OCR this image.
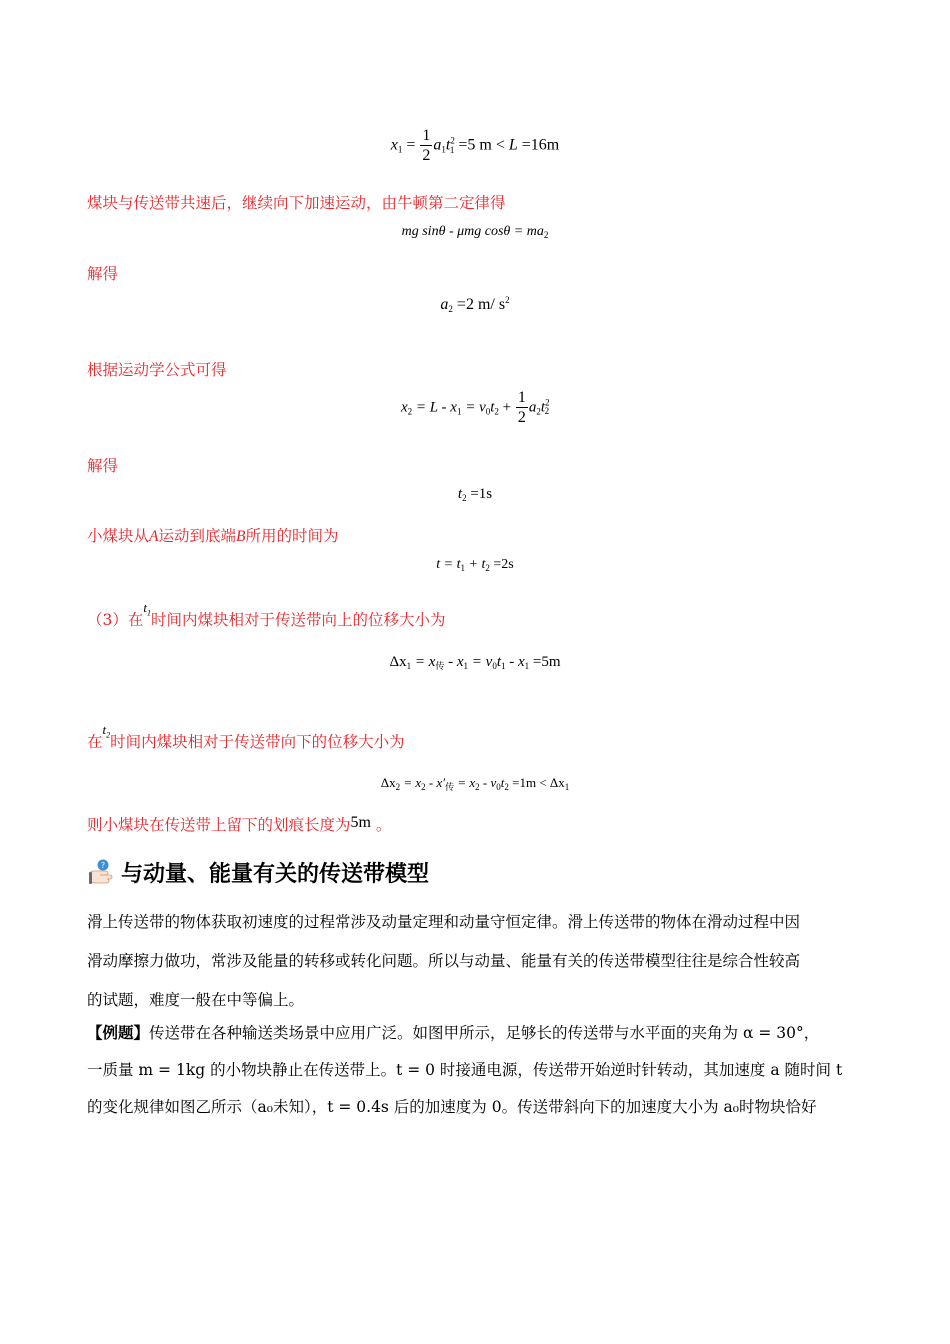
$x_1 = \frac{1}{2} a_1t^2_1 =5$ m < L =16m
煤块与传送带共速后，继续向下加速运动，由牛顿第二定律得
mg sinθ - μmg $\cos\theta = ma_2$
解得
$a_2 =2$ m/ $s^2$
根据运动学公式可得
$x_2 = L - x_1 = v_0t_2 + \frac{1}{2} a_2t^2_2$
解得
$t_2 =1s$
小煤块从A运动到底端B所用的时间为
$t = t_1 + t_2 =2s$
（3）在$^{t_1}$时间内煤块相对于传送带向上的位移大小为
$\Delta x_1 = x_传 - x_1 = v_0t_1 - x_1 =5m$
在$^{t_2}$时间内煤块相对于传送带向下的位移大小为
$\Delta x_2 = x_2 - x'_传 = x_2 - v_0t_2 =1m < \Delta x_1$
则小煤块在传送带上留下的划痕长度为5m 。
? 与动量、能量有关的传送带模型

滑上传送带的物体获取初速度的过程常涉及动量定理和动量守恒定律。滑上传送带的物体在滑动过程中因

滑动摩擦力做功，常涉及能量的转移或转化问题。所以与动量、能量有关的传送带模型往往是综合性较高

的试题，难度一般在中等偏上。

【例题】传送带在各种输送类场景中应用广泛。如图甲所示，足够长的传送带与水平面的夹角为 α = 30°，

一质量 m = 1kg 的小物块静止在传送带上。t = 0 时接通电源，传送带开始逆时针转动，其加速度 a 随时间 t

的变化规律如图乙所示（a₀未知），t = 0.4s 后的加速度为 0。传送带斜向下的加速度大小为 a₀时物块恰好
